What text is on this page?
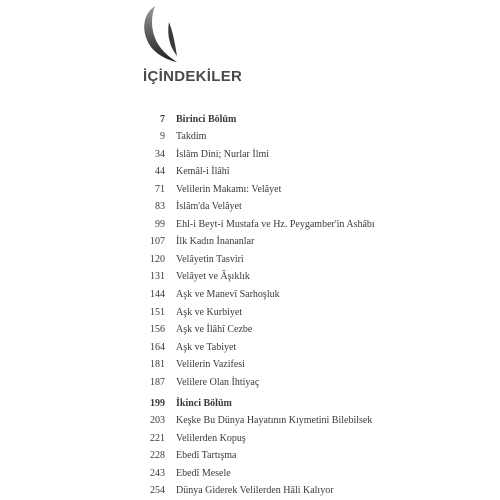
İÇİNDEKİLER
7 Birinci Bölüm
9 Takdim
34 İslâm Dini; Nurlar İlmi
44 Kemâl-i İlâhî
71 Velilerin Makamı: Velâyet
83 İslâm'da Velâyet
99 Ehl-i Beyt-i Mustafa ve Hz. Peygamber'in Ashâbı
107 İlk Kadın İnananlar
120 Velâyetin Tasviri
131 Velâyet ve Âşıklık
144 Aşk ve Manevî Sarhoşluk
151 Aşk ve Kurbiyet
156 Aşk ve İlâhî Cezbe
164 Aşk ve Tabiyet
181 Velilerin Vazifesi
187 Velilere Olan İhtiyaç
199 İkinci Bölüm
203 Keşke Bu Dünya Hayatının Kıymetini Bilebilsek
221 Velilerden Kopuş
228 Ebedî Tartışma
243 Ebedî Mesele
254 Dünya Giderek Velilerden Hâli Kalıyor
